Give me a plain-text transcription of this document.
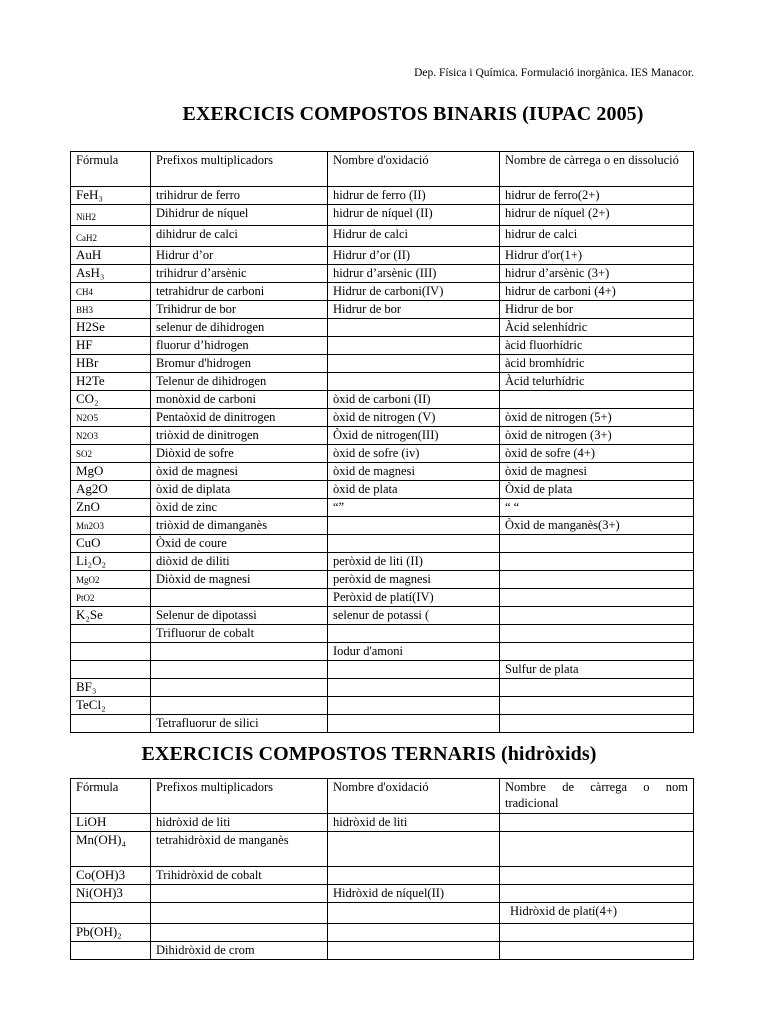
Dep. Física i Química. Formulació inorgànica. IES Manacor.
EXERCICIS COMPOSTOS BINARIS (IUPAC 2005)
Fórmula	Prefixos multiplicadors	Nombre d'oxidació	Nombre de càrrega o en dissolució
FeH₃	trihidrur de ferro	hidrur de ferro (II)	hidrur de ferro(2+)
NiH2	Dihidrur de níquel	hidrur de níquel (II)	hidrur de níquel (2+)
CaH2	dihidrur de calci	Hidrur de calci	hidrur de calci
AuH	Hidrur d’or	Hidrur d’or (II)	Hidrur d'or(1+)
AsH₃	trihidrur d’arsènic	hidrur d’arsènic (III)	hidrur d’arsènic (3+)
CH4	tetrahidrur de carboni	Hidrur de carboni(IV)	hidrur de carboni (4+)
BH3	Trihidrur de bor	Hidrur de bor	Hidrur de bor
H2Se	selenur de dihidrogen		Àcid selenhídric
HF	fluorur d’hidrogen		àcid fluorhídric
HBr	Bromur d'hidrogen		àcid bromhídric
H2Te	Telenur de dihidrogen		Àcid telurhídric
CO₂	monòxid de carboni	òxid de carboni (II)	
N2O5	Pentaòxid de dinitrogen	òxid de nitrogen (V)	òxid de nitrogen (5+)
N2O3	triòxid de dinitrogen	Òxid de nitrogen(III)	òxid de nitrogen (3+)
SO2	Diòxid de sofre	òxid de sofre (iv)	òxid de sofre (4+)
MgO	òxid de magnesi	òxid de magnesi	òxid de magnesi
Ag2O	òxid de diplata	òxid de plata	Òxid de plata
ZnO	òxid de zinc	“”	“ “
Mn2O3	triòxid de dimanganès		Òxid de manganès(3+)
CuO	Òxid de coure		
Li₂O₂	diòxid de diliti	peròxid de liti (II)	
MgO2	Diòxid de magnesi	peròxid de magnesi	
PtO2		Peròxid de platí(IV)	
K₂Se	Selenur de dipotassi	selenur de potassi (	
	Trifluorur de cobalt		
		Iodur d'amoni	
			Sulfur de plata
BF₃			
TeCl₂			
	Tetrafluorur de silici		
EXERCICIS COMPOSTOS TERNARIS (hidròxids)
Fórmula	Prefixos multiplicadors	Nombre d'oxidació	Nombre de càrrega o nom tradicional
LiOH	hidròxid de liti	hidròxid de liti	
Mn(OH)₄	tetrahidròxid de manganès		
Co(OH)3	Trihidròxid de cobalt		
Ni(OH)3		Hidròxid de níquel(II)	
			Hidròxid de platí(4+)
Pb(OH)₂			
	Dihidròxid de crom		
